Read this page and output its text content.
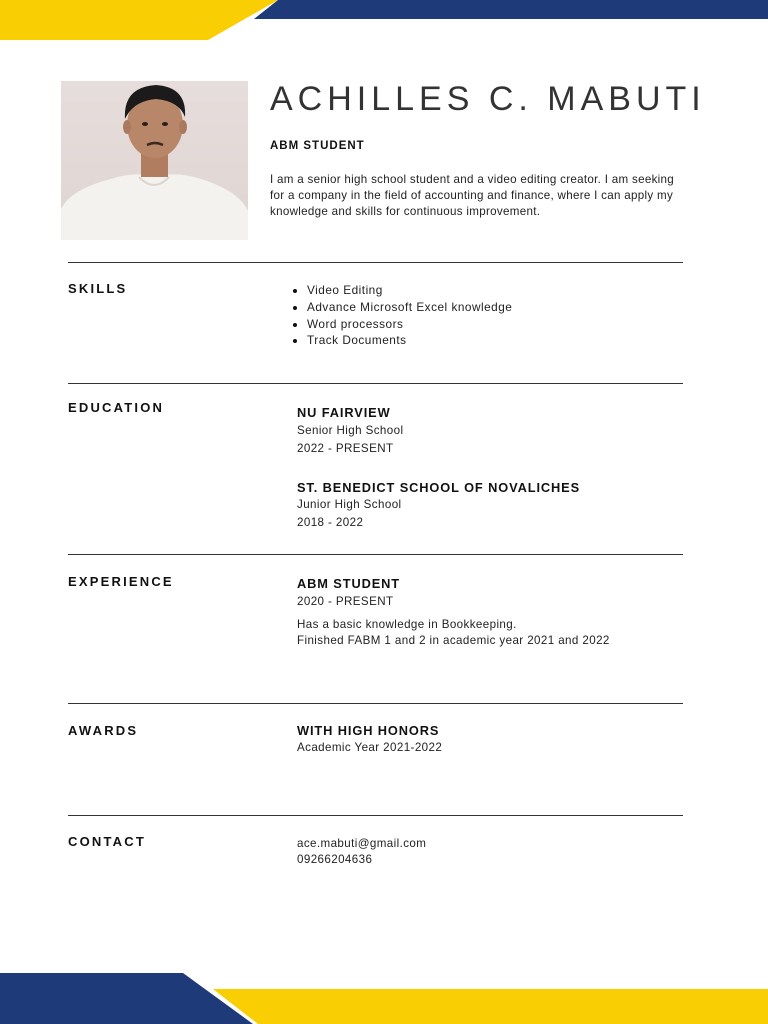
ACHILLES C. MABUTI
ABM STUDENT
I am a senior high school student and a video editing creator. I am seeking for a company in the field of accounting and finance, where I can apply my knowledge and skills for continuous improvement.
SKILLS	Video Editing
Advance Microsoft Excel knowledge
Word processors
Track Documents
EDUCATION	NU FAIRVIEW
Senior High School
2022 - PRESENT
ST. BENEDICT SCHOOL OF NOVALICHES
Junior High School
2018 - 2022
EXPERIENCE	ABM STUDENT
2020 - PRESENT
Has a basic knowledge in Bookkeeping.
Finished FABM 1 and 2 in academic year 2021 and 2022
AWARDS	WITH HIGH HONORS
Academic Year 2021-2022
CONTACT	ace.mabuti@gmail.com
09266204636
